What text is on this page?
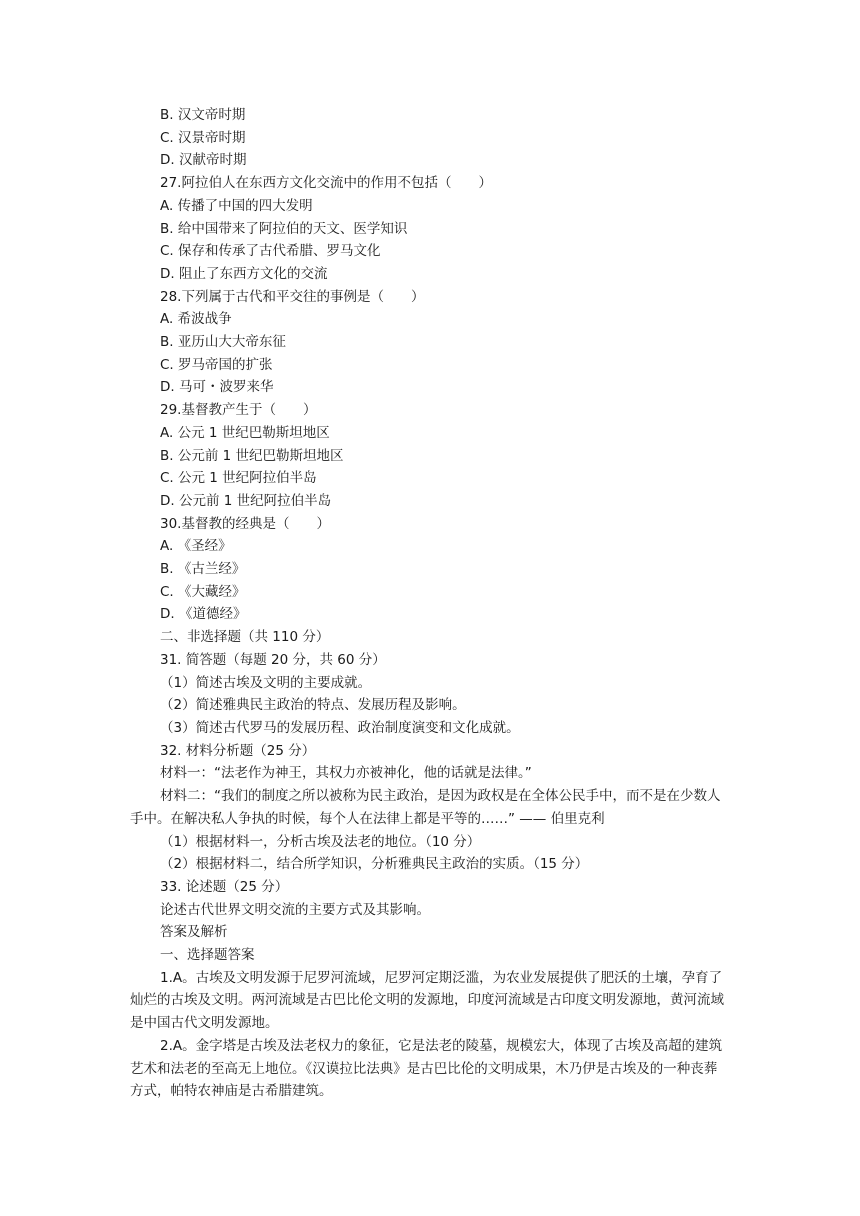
B. 汉文帝时期
C. 汉景帝时期
D. 汉献帝时期
27.阿拉伯人在东西方文化交流中的作用不包括（　　）
A. 传播了中国的四大发明
B. 给中国带来了阿拉伯的天文、医学知识
C. 保存和传承了古代希腊、罗马文化
D. 阻止了东西方文化的交流
28.下列属于古代和平交往的事例是（　　）
A. 希波战争
B. 亚历山大大帝东征
C. 罗马帝国的扩张
D. 马可・波罗来华
29.基督教产生于（　　）
A. 公元 1 世纪巴勒斯坦地区
B. 公元前 1 世纪巴勒斯坦地区
C. 公元 1 世纪阿拉伯半岛
D. 公元前 1 世纪阿拉伯半岛
30.基督教的经典是（　　）
A. 《圣经》
B. 《古兰经》
C. 《大藏经》
D. 《道德经》
二、非选择题（共 110 分）
31. 简答题（每题 20 分，共 60 分）
（1）简述古埃及文明的主要成就。
（2）简述雅典民主政治的特点、发展历程及影响。
（3）简述古代罗马的发展历程、政治制度演变和文化成就。
32. 材料分析题（25 分）
材料一：“法老作为神王，其权力亦被神化，他的话就是法律。”
材料二：“我们的制度之所以被称为民主政治，是因为政权是在全体公民手中，而不是在少数人手中。在解决私人争执的时候，每个人在法律上都是平等的……” —— 伯里克利
（1）根据材料一，分析古埃及法老的地位。（10 分）
（2）根据材料二，结合所学知识，分析雅典民主政治的实质。（15 分）
33. 论述题（25 分）
论述古代世界文明交流的主要方式及其影响。
答案及解析
一、选择题答案
1.A。古埃及文明发源于尼罗河流域，尼罗河定期泛滥，为农业发展提供了肥沃的土壤，孕育了灿烂的古埃及文明。两河流域是古巴比伦文明的发源地，印度河流域是古印度文明发源地，黄河流域是中国古代文明发源地。
2.A。金字塔是古埃及法老权力的象征，它是法老的陵墓，规模宏大，体现了古埃及高超的建筑艺术和法老的至高无上地位。《汉谟拉比法典》是古巴比伦的文明成果，木乃伊是古埃及的一种丧葬方式，帕特农神庙是古希腊建筑。
